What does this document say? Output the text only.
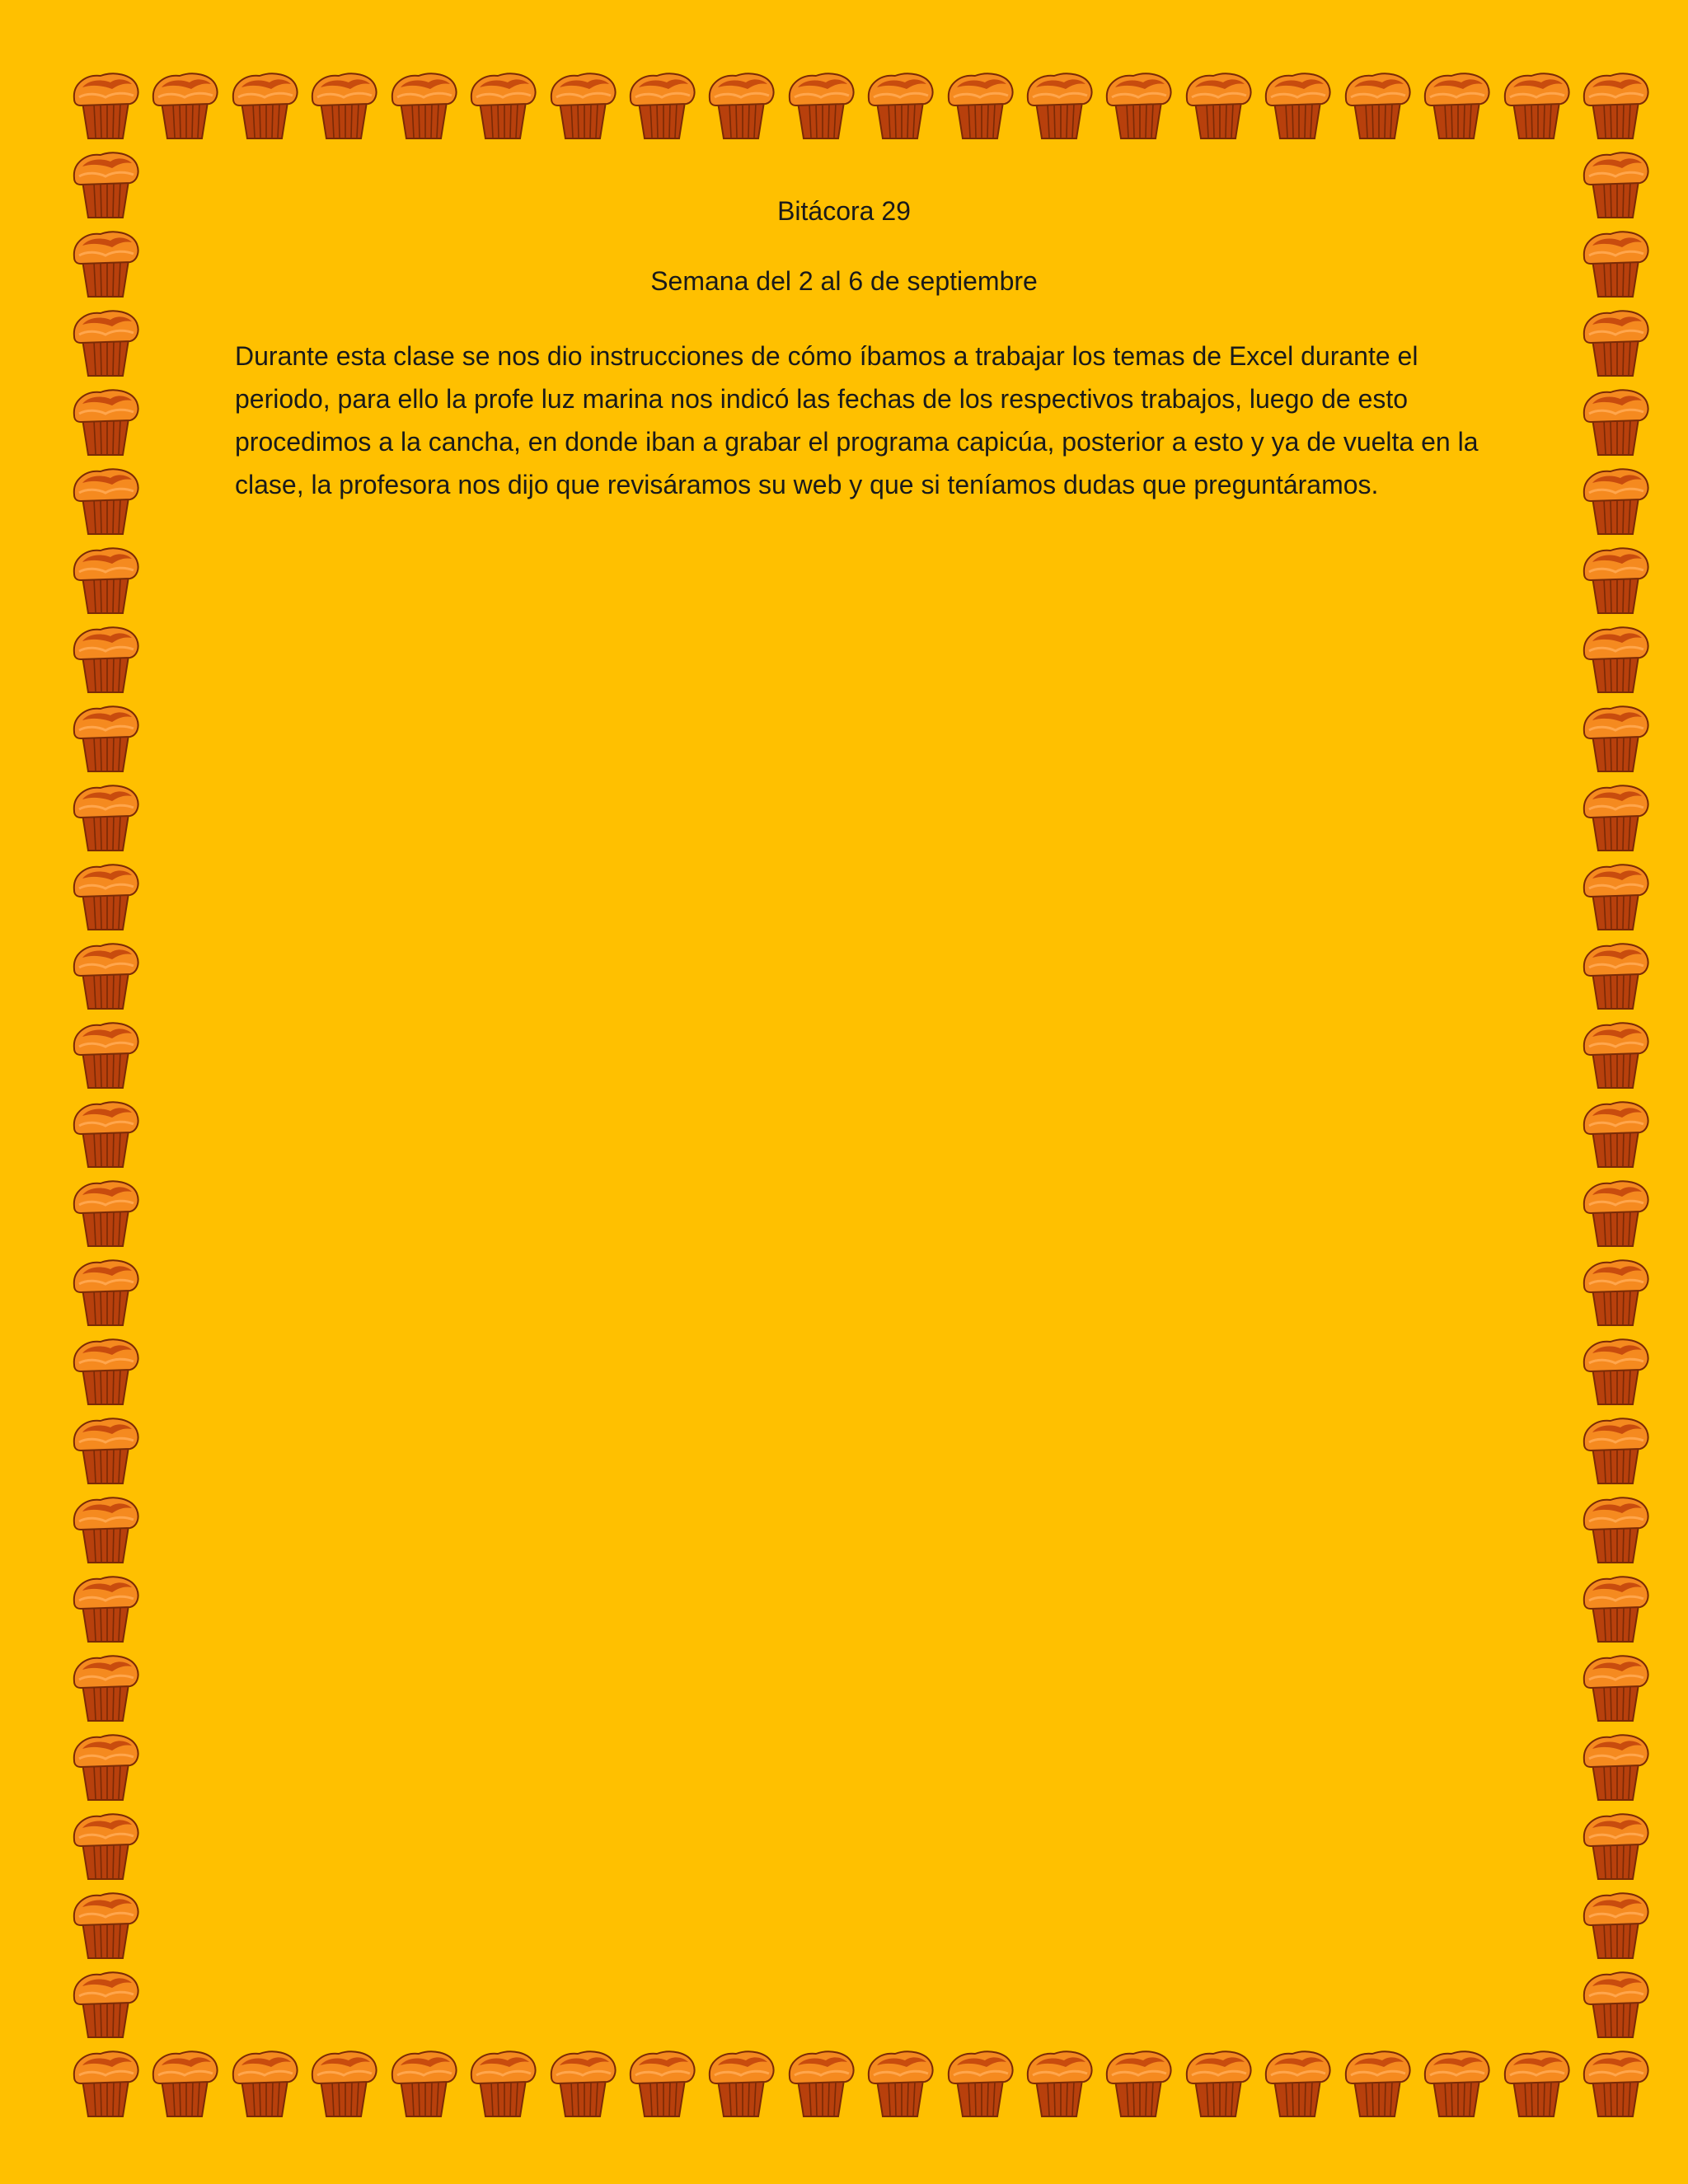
Bitácora 29
Semana del 2 al 6 de septiembre

Durante esta clase se nos dio instrucciones de cómo íbamos a trabajar los temas de Excel durante el periodo, para ello la profe luz marina nos indicó las fechas de los respectivos trabajos, luego de esto procedimos a la cancha, en donde iban a grabar el programa capicúa, posterior a esto y ya de vuelta en la clase, la profesora nos dijo que revisáramos su web y que si teníamos dudas que preguntáramos.
